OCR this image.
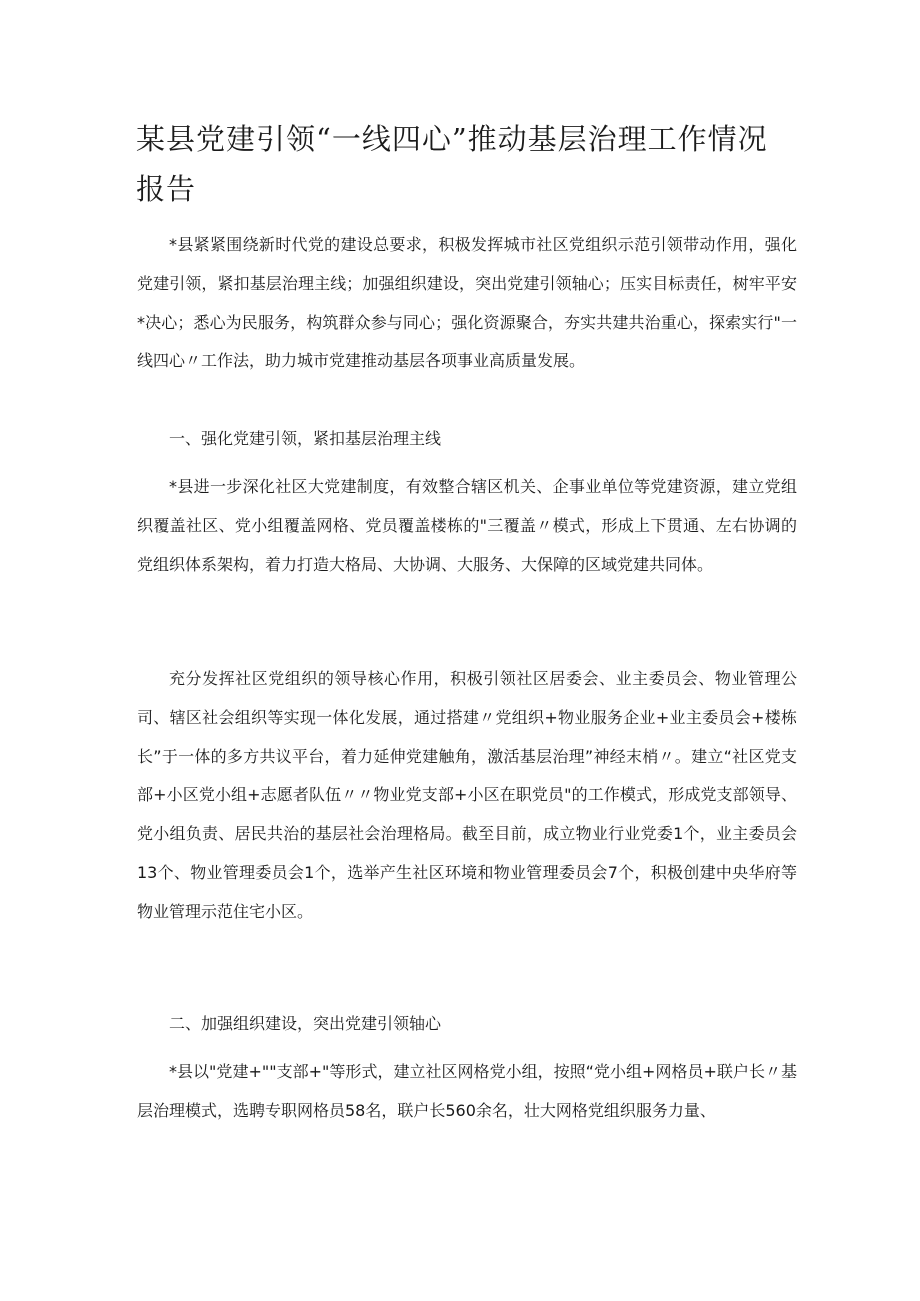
某县党建引领“一线四心”推动基层治理工作情况报告

*县紧紧围绕新时代党的建设总要求，积极发挥城市社区党组织示范引领带动作用，强化党建引领，紧扣基层治理主线；加强组织建设，突出党建引领轴心；压实目标责任，树牢平安*决心；悉心为民服务，构筑群众参与同心；强化资源聚合，夯实共建共治重心，探索实行"一线四心〃工作法，助力城市党建推动基层各项事业高质量发展。

一、强化党建引领，紧扣基层治理主线

*县进一步深化社区大党建制度，有效整合辖区机关、企事业单位等党建资源，建立党组织覆盖社区、党小组覆盖网格、党员覆盖楼栋的"三覆盖〃模式，形成上下贯通、左右协调的党组织体系架构，着力打造大格局、大协调、大服务、大保障的区域党建共同体。

充分发挥社区党组织的领导核心作用，积极引领社区居委会、业主委员会、物业管理公司、辖区社会组织等实现一体化发展，通过搭建〃党组织+物业服务企业+业主委员会+楼栋长”于一体的多方共议平台，着力延伸党建触角，激活基层治理”神经末梢〃。建立“社区党支部+小区党小组+志愿者队伍〃〃物业党支部+小区在职党员"的工作模式，形成党支部领导、党小组负责、居民共治的基层社会治理格局。截至目前，成立物业行业党委1个，业主委员会13个、物业管理委员会1个，选举产生社区环境和物业管理委员会7个，积极创建中央华府等物业管理示范住宅小区。

二、加强组织建设，突出党建引领轴心

*县以"党建+""支部+"等形式，建立社区网格党小组，按照“党小组+网格员+联户长〃基层治理模式，选聘专职网格员58名，联户长560余名，壮大网格党组织服务力量、
